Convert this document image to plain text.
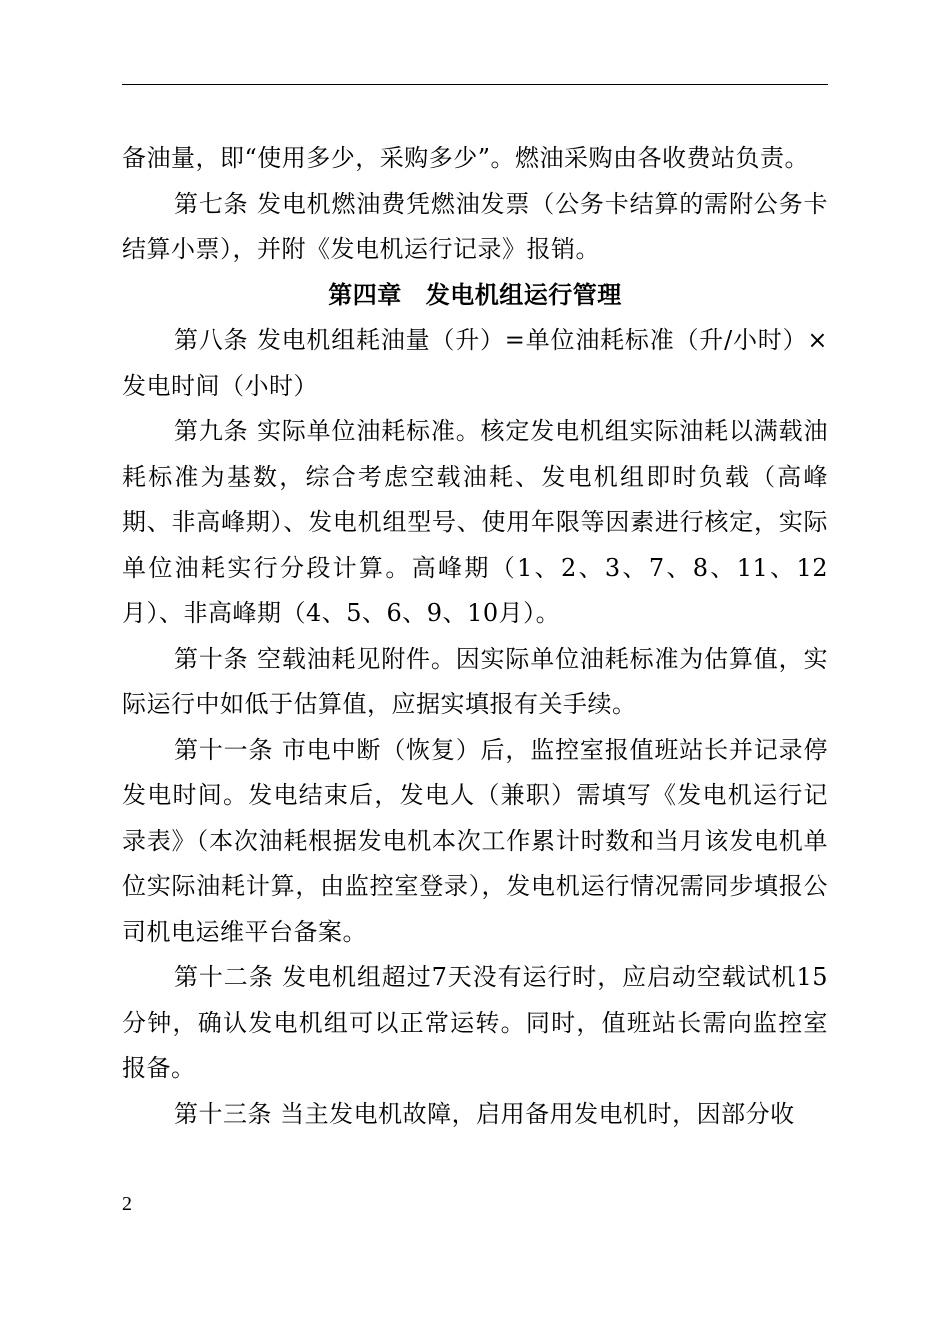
备油量，即“使用多少，采购多少”。燃油采购由各收费站负责。

第七条 发电机燃油费凭燃油发票（公务卡结算的需附公务卡结算小票），并附《发电机运行记录》报销。

第四章 发电机组运行管理

第八条 发电机组耗油量（升）=单位油耗标准（升/小时）×发电时间（小时）

第九条 实际单位油耗标准。核定发电机组实际油耗以满载油耗标准为基数，综合考虑空载油耗、发电机组即时负载（高峰期、非高峰期）、发电机组型号、使用年限等因素进行核定，实际单位油耗实行分段计算。高峰期（1、2、3、7、8、11、12月）、非高峰期（4、5、6、9、10月）。

第十条 空载油耗见附件。因实际单位油耗标准为估算值，实际运行中如低于估算值，应据实填报有关手续。

第十一条 市电中断（恢复）后，监控室报值班站长并记录停发电时间。发电结束后，发电人（兼职）需填写《发电机运行记录表》（本次油耗根据发电机本次工作累计时数和当月该发电机单位实际油耗计算，由监控室登录），发电机运行情况需同步填报公司机电运维平台备案。

第十二条 发电机组超过7天没有运行时，应启动空载试机15分钟，确认发电机组可以正常运转。同时，值班站长需向监控室报备。

第十三条 当主发电机故障，启用备用发电机时，因部分收

2
